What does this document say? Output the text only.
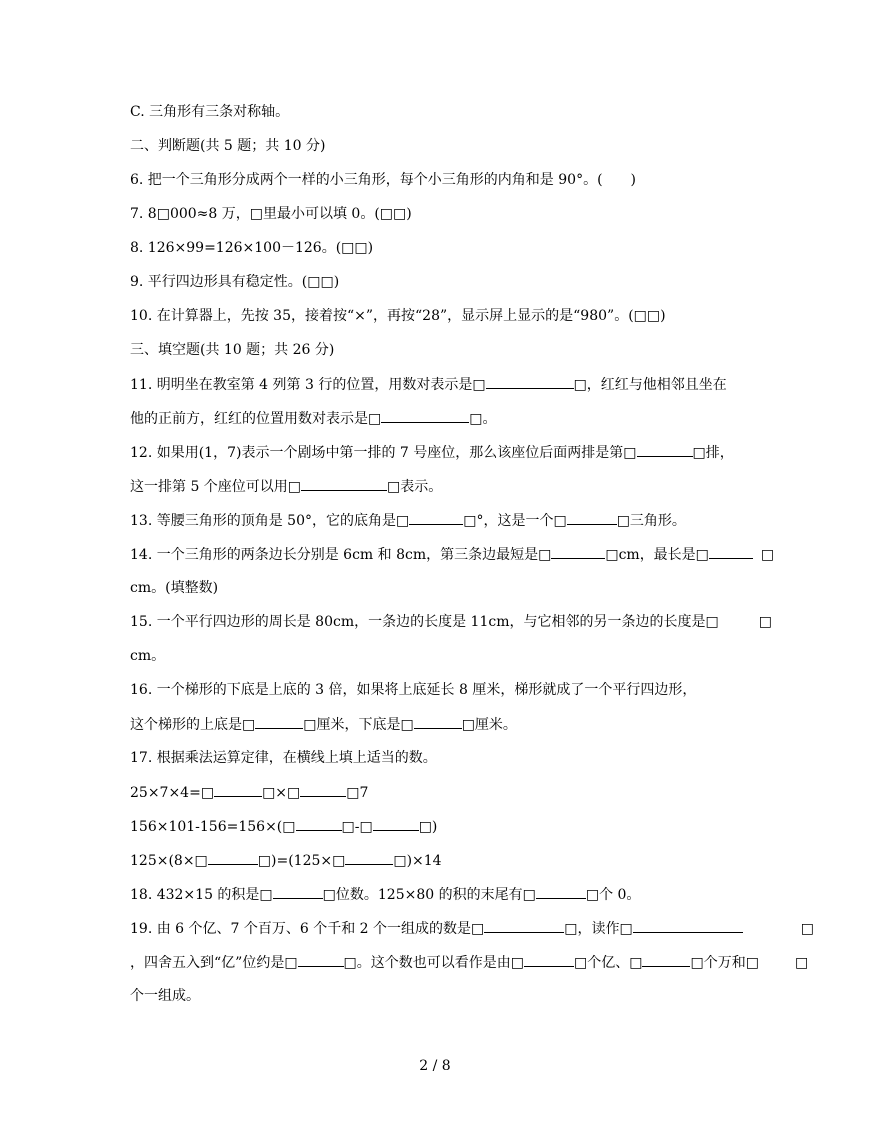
C. 三角形有三条对称轴。
二、判断题(共 5 题；共 10 分)
6. 把一个三角形分成两个一样的小三角形，每个小三角形的内角和是 90°。(　　)
7. 8□000≈8 万，□里最小可以填 0。(□□)
8. 126×99=126×100－126。(□□)
9. 平行四边形具有稳定性。(□□)
10. 在计算器上，先按 35，接着按“×”，再按“28”，显示屏上显示的是“980”。(□□)
三、填空题(共 10 题；共 26 分)
11. 明明坐在教室第 4 列第 3 行的位置，用数对表示是□	□，红红与他相邻且坐在
他的正前方，红红的位置用数对表示是□	□。
12. 如果用(1，7)表示一个剧场中第一排的 7 号座位，那么该座位后面两排是第□	□排，
这一排第 5 个座位可以用□	□表示。
13. 等腰三角形的顶角是 50°，它的底角是□	□°，这是一个□	□三角形。
14. 一个三角形的两条边长分别是 6cm 和 8cm，第三条边最短是□	□cm，最长是□	□
cm。(填整数)
15. 一个平行四边形的周长是 80cm，一条边的长度是 11cm，与它相邻的另一条边的长度是□	□
cm。
16. 一个梯形的下底是上底的 3 倍，如果将上底延长 8 厘米，梯形就成了一个平行四边形，
这个梯形的上底是□	□厘米，下底是□	□厘米。
17. 根据乘法运算定律，在横线上填上适当的数。
25×7×4=□	□×□	□7
156×101-156=156×(□	□-□	□)
125×(8×□	□)=(125×□	□)×14
18. 432×15 的积是□	□位数。125×80 的积的末尾有□	□个 0。
19. 由 6 个亿、7 个百万、6 个千和 2 个一组成的数是□	□，读作□	□
，四舍五入到“亿”位约是□	□。这个数也可以看作是由□	□个亿、□	□个万和□	□
个一组成。
2 / 8
